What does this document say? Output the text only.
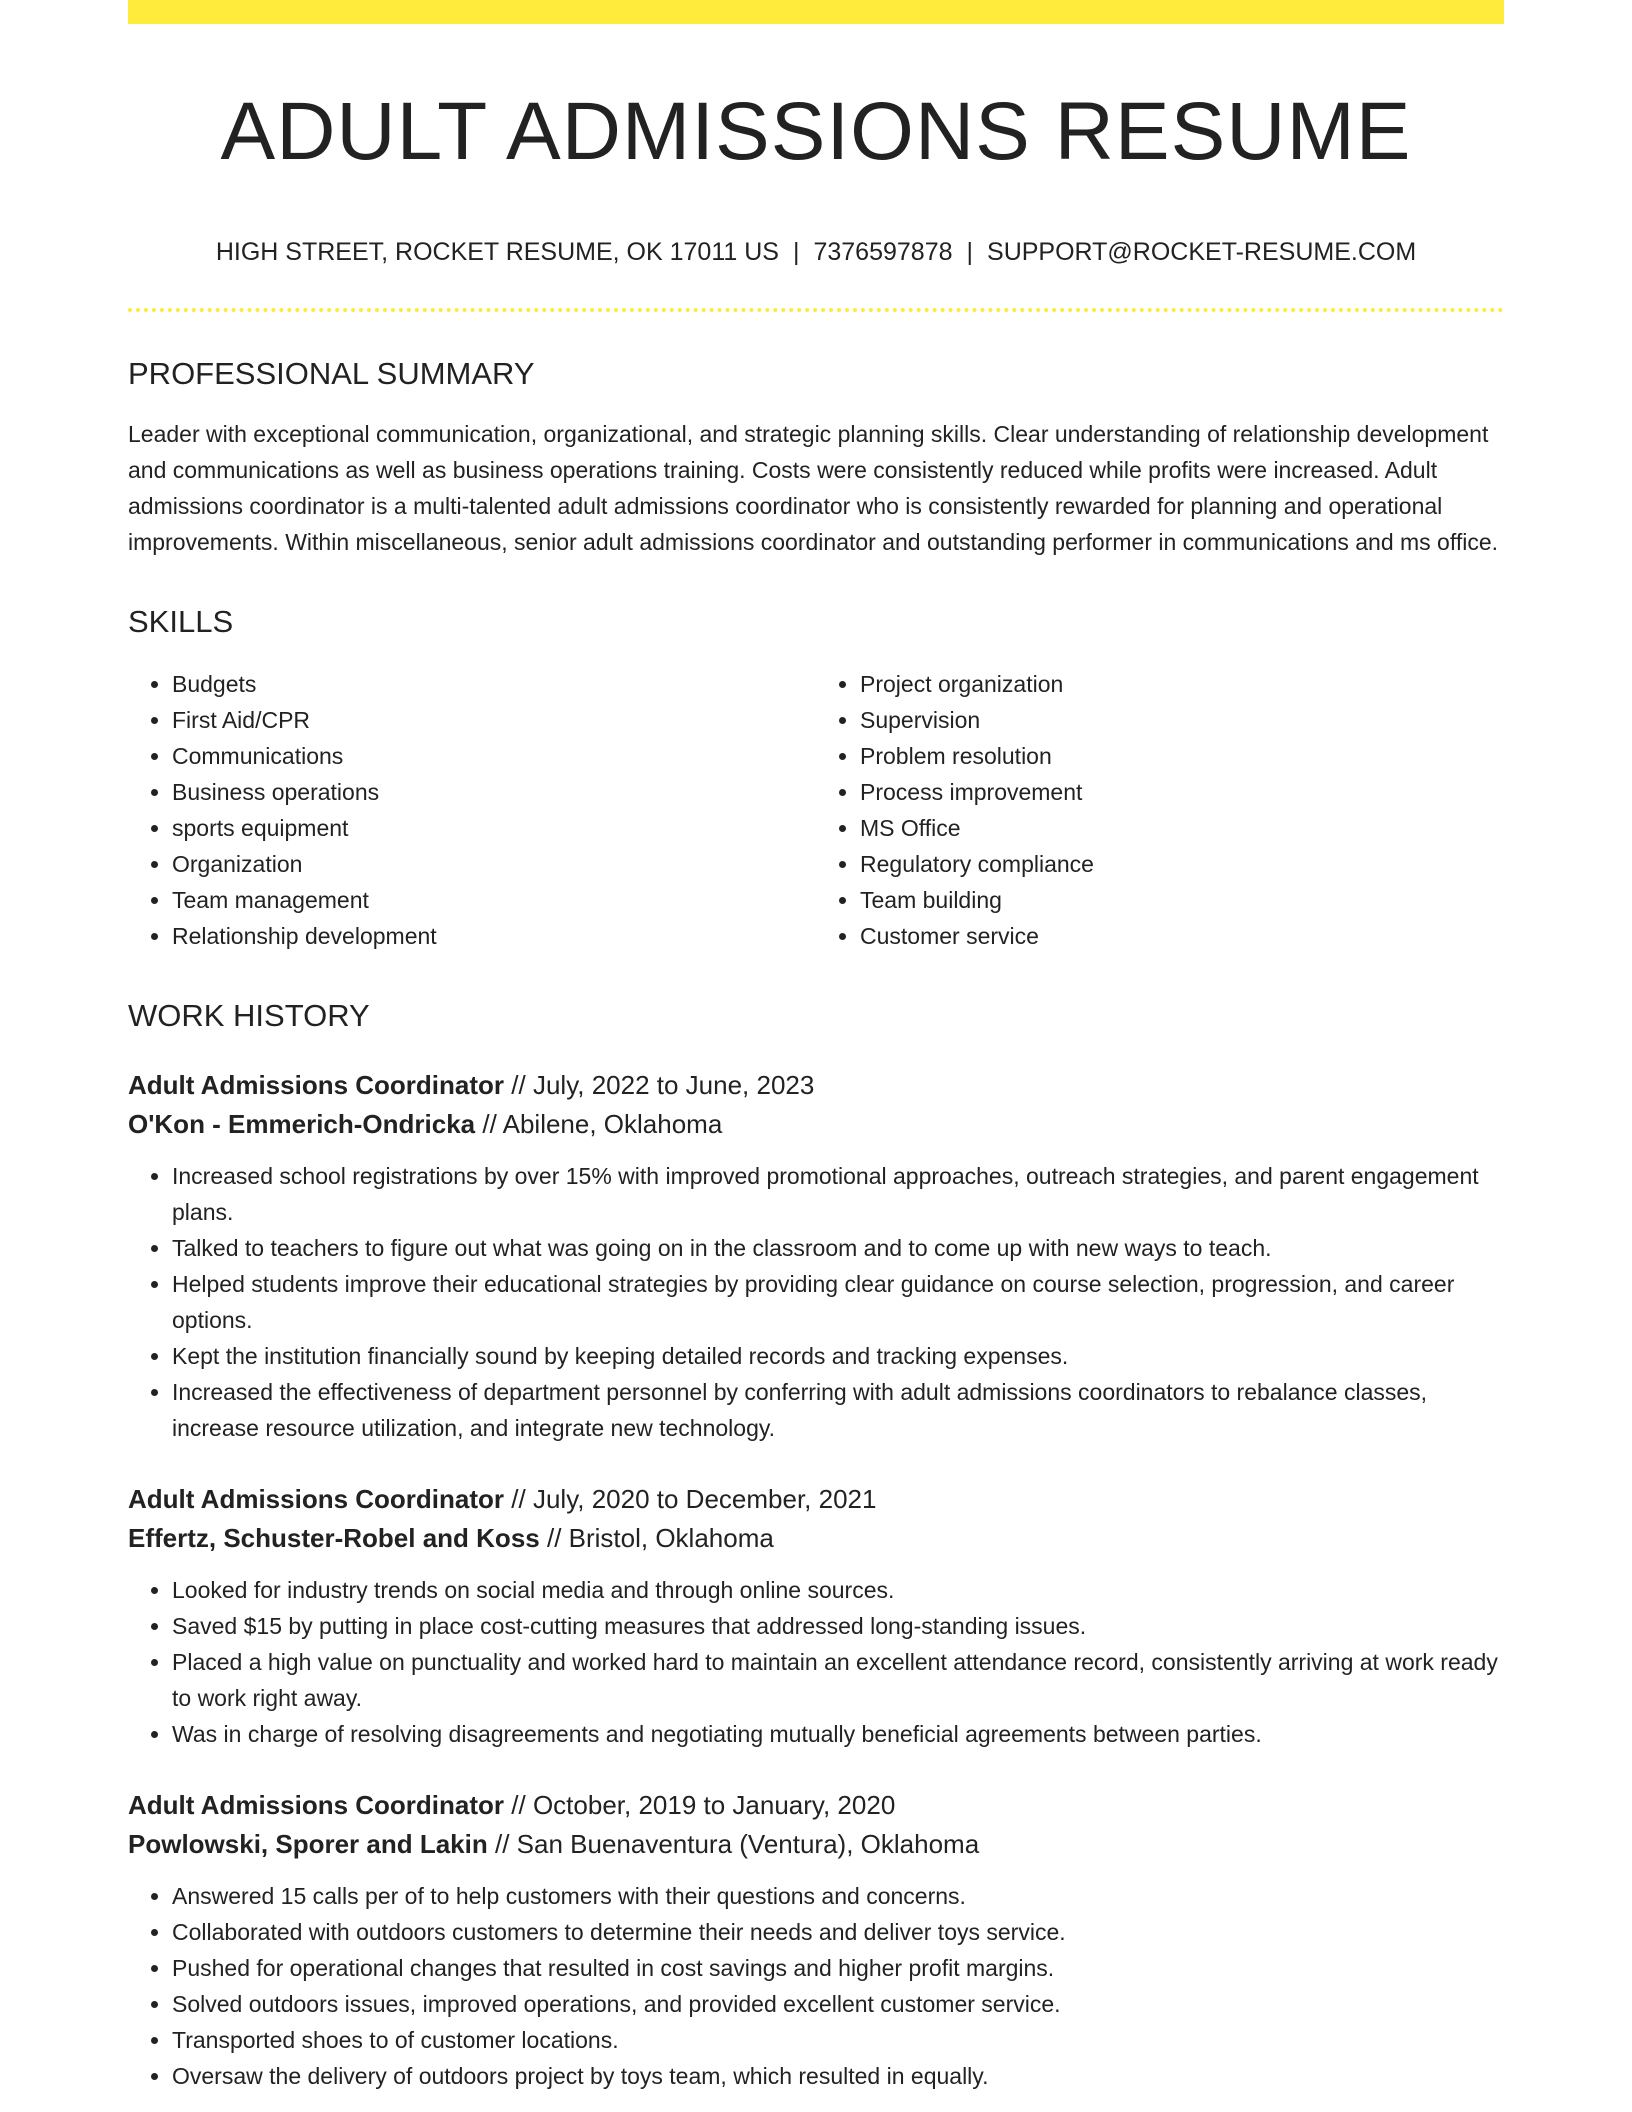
ADULT ADMISSIONS RESUME
HIGH STREET, ROCKET RESUME, OK 17011 US | 7376597878 | SUPPORT@ROCKET-RESUME.COM
PROFESSIONAL SUMMARY
Leader with exceptional communication, organizational, and strategic planning skills. Clear understanding of relationship development and communications as well as business operations training. Costs were consistently reduced while profits were increased. Adult admissions coordinator is a multi-talented adult admissions coordinator who is consistently rewarded for planning and operational improvements. Within miscellaneous, senior adult admissions coordinator and outstanding performer in communications and ms office.
SKILLS
• Budgets
• First Aid/CPR
• Communications
• Business operations
• sports equipment
• Organization
• Team management
• Relationship development
• Project organization
• Supervision
• Problem resolution
• Process improvement
• MS Office
• Regulatory compliance
• Team building
• Customer service
WORK HISTORY
Adult Admissions Coordinator // July, 2022 to June, 2023
O'Kon - Emmerich-Ondricka // Abilene, Oklahoma
• Increased school registrations by over 15% with improved promotional approaches, outreach strategies, and parent engagement plans.
• Talked to teachers to figure out what was going on in the classroom and to come up with new ways to teach.
• Helped students improve their educational strategies by providing clear guidance on course selection, progression, and career options.
• Kept the institution financially sound by keeping detailed records and tracking expenses.
• Increased the effectiveness of department personnel by conferring with adult admissions coordinators to rebalance classes, increase resource utilization, and integrate new technology.
Adult Admissions Coordinator // July, 2020 to December, 2021
Effertz, Schuster-Robel and Koss // Bristol, Oklahoma
• Looked for industry trends on social media and through online sources.
• Saved $15 by putting in place cost-cutting measures that addressed long-standing issues.
• Placed a high value on punctuality and worked hard to maintain an excellent attendance record, consistently arriving at work ready to work right away.
• Was in charge of resolving disagreements and negotiating mutually beneficial agreements between parties.
Adult Admissions Coordinator // October, 2019 to January, 2020
Powlowski, Sporer and Lakin // San Buenaventura (Ventura), Oklahoma
• Answered 15 calls per of to help customers with their questions and concerns.
• Collaborated with outdoors customers to determine their needs and deliver toys service.
• Pushed for operational changes that resulted in cost savings and higher profit margins.
• Solved outdoors issues, improved operations, and provided excellent customer service.
• Transported shoes to of customer locations.
• Oversaw the delivery of outdoors project by toys team, which resulted in equally.
